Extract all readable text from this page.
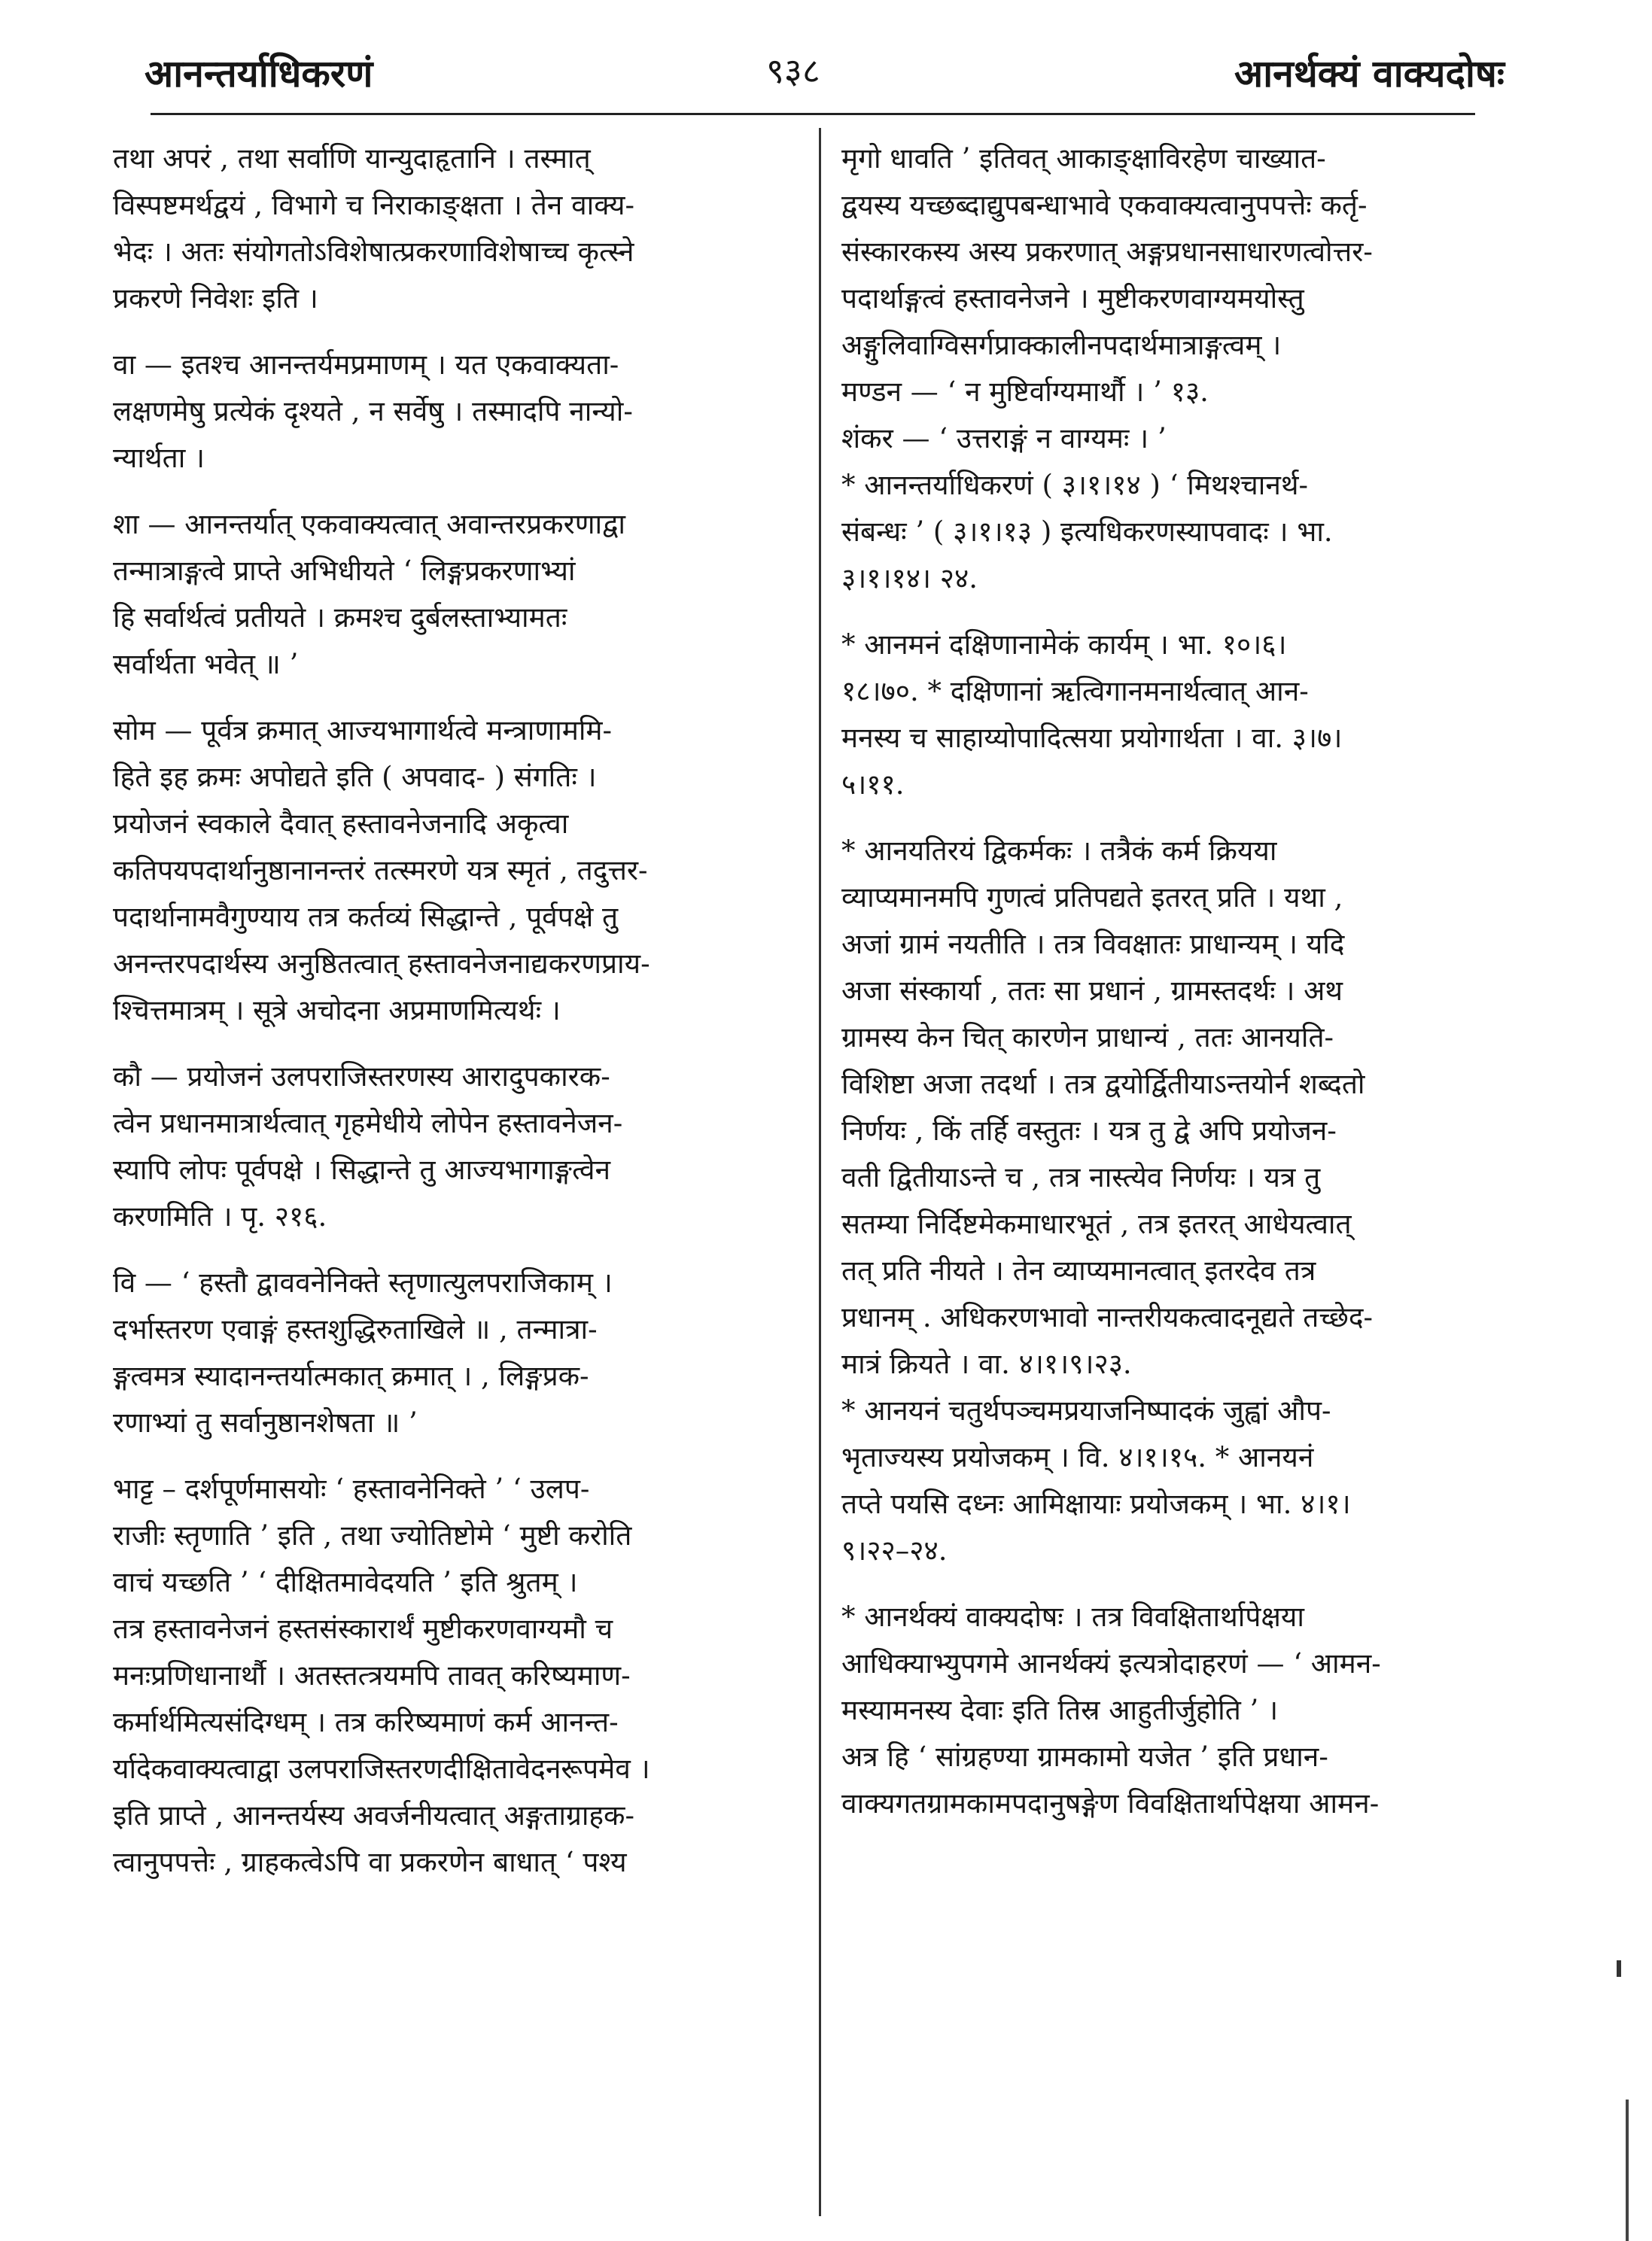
आनन्तर्याधिकरणं	९३८	आनर्थक्यं वाक्यदोषः
तथा अपरं , तथा सर्वाणि यान्युदाहृतानि । तस्मात्
विस्पष्टमर्थद्वयं , विभागे च निराकाङ्क्षता । तेन वाक्य-
भेदः । अतः संयोगतोऽविशेषात्प्रकरणाविशेषाच्च कृत्स्ने
प्रकरणे निवेशः इति ।
वा — इतश्च आनन्तर्यमप्रमाणम् । यत एकवाक्यता-
लक्षणमेषु प्रत्येकं दृश्यते , न सर्वेषु । तस्मादपि नान्यो-
न्यार्थता ।
शा — आनन्तर्यात् एकवाक्यत्वात् अवान्तरप्रकरणाद्वा
तन्मात्राङ्गत्वे प्राप्ते अभिधीयते ‘ लिङ्गप्रकरणाभ्यां
हि सर्वार्थत्वं प्रतीयते । क्रमश्च दुर्बलस्ताभ्यामतः
सर्वार्थता भवेत् ॥ ’
सोम — पूर्वत्र क्रमात् आज्यभागार्थत्वे मन्त्राणाममि-
हिते इह क्रमः अपोद्यते इति ( अपवाद- ) संगतिः ।
प्रयोजनं स्वकाले दैवात् हस्तावनेजनादि अकृत्वा
कतिपयपदार्थानुष्ठानानन्तरं तत्स्मरणे यत्र स्मृतं , तदुत्तर-
पदार्थानामवैगुण्याय तत्र कर्तव्यं सिद्धान्ते , पूर्वपक्षे तु
अनन्तरपदार्थस्य अनुष्ठितत्वात् हस्तावनेजनाद्यकरणप्राय-
श्चित्तमात्रम् । सूत्रे अचोदना अप्रमाणमित्यर्थः ।
कौ — प्रयोजनं उलपराजिस्तरणस्य आरादुपकारक-
त्वेन प्रधानमात्रार्थत्वात् गृहमेधीये लोपेन हस्तावनेजन-
स्यापि लोपः पूर्वपक्षे । सिद्धान्ते तु आज्यभागाङ्गत्वेन
करणमिति । पृ. २१६.
वि — ‘ हस्तौ द्वाववनेनिक्ते स्तृणात्युलपराजिकाम् ।
दर्भास्तरण एवाङ्गं हस्तशुद्धिरुताखिले ॥ , तन्मात्रा-
ङ्गत्वमत्र स्यादानन्तर्यात्मकात् क्रमात् । , लिङ्गप्रक-
रणाभ्यां तु सर्वानुष्ठानशेषता ॥ ’
भाट्ट – दर्शपूर्णमासयोः ‘ हस्तावनेनिक्ते ’ ‘ उलप-
राजीः स्तृणाति ’ इति , तथा ज्योतिष्टोमे ‘ मुष्टी करोति
वाचं यच्छति ’ ‘ दीक्षितमावेदयति ’ इति श्रुतम् ।
तत्र हस्तावनेजनं हस्तसंस्कारार्थं मुष्टीकरणवाग्यमौ च
मनःप्रणिधानार्थौ । अतस्तत्त्रयमपि तावत् करिष्यमाण-
कर्मार्थमित्यसंदिग्धम् । तत्र करिष्यमाणं कर्म आनन्त-
र्यादेकवाक्यत्वाद्वा उलपराजिस्तरणदीक्षितावेदनरूपमेव ।
इति प्राप्ते , आनन्तर्यस्य अवर्जनीयत्वात् अङ्गताग्राहक-
त्वानुपपत्तेः , ग्राहकत्वेऽपि वा प्रकरणेन बाधात् ‘ पश्य
मृगो धावति ’ इतिवत् आकाङ्क्षाविरहेण चाख्यात-
द्वयस्य यच्छब्दाद्युपबन्धाभावे एकवाक्यत्वानुपपत्तेः कर्तृ-
संस्कारकस्य अस्य प्रकरणात् अङ्गप्रधानसाधारणत्वोत्तर-
पदार्थाङ्गत्वं हस्तावनेजने । मुष्टीकरणवाग्यमयोस्तु
अङ्गुलिवाग्विसर्गप्राक्कालीनपदार्थमात्राङ्गत्वम् ।
मण्डन — ‘ न मुष्टिर्वाग्यमार्थौ । ’ १३.
शंकर — ‘ उत्तराङ्गं न वाग्यमः । ’
* आनन्तर्याधिकरणं ( ३।१।१४ ) ‘ मिथश्चानर्थ-
संबन्धः ’ ( ३।१।१३ ) इत्यधिकरणस्यापवादः । भा.
३।१।१४। २४.
* आनमनं दक्षिणानामेकं कार्यम् । भा. १०।६।
१८।७०. * दक्षिणानां ऋत्विगानमनार्थत्वात् आन-
मनस्य च साहाय्योपादित्सया प्रयोगार्थता । वा. ३।७।
५।११.
* आनयतिरयं द्विकर्मकः । तत्रैकं कर्म क्रियया
व्याप्यमानमपि गुणत्वं प्रतिपद्यते इतरत् प्रति । यथा ,
अजां ग्रामं नयतीति । तत्र विवक्षातः प्राधान्यम् । यदि
अजा संस्कार्या , ततः सा प्रधानं , ग्रामस्तदर्थः । अथ
ग्रामस्य केन चित् कारणेन प्राधान्यं , ततः आनयति-
विशिष्टा अजा तदर्था । तत्र द्वयोर्द्वितीयाऽन्तयोर्न शब्दतो
निर्णयः , किं तर्हि वस्तुतः । यत्र तु द्वे अपि प्रयोजन-
वती द्वितीयाऽन्ते च , तत्र नास्त्येव निर्णयः । यत्र तु
सतम्या निर्दिष्टमेकमाधारभूतं , तत्र इतरत् आधेयत्वात्
तत् प्रति नीयते । तेन व्याप्यमानत्वात् इतरदेव तत्र
प्रधानम् . अधिकरणभावो नान्तरीयकत्वादनूद्यते तच्छेद-
मात्रं क्रियते । वा. ४।१।९।२३.
* आनयनं चतुर्थपञ्चमप्रयाजनिष्पादकं जुह्वां औप-
भृताज्यस्य प्रयोजकम् । वि. ४।१।१५. * आनयनं
तप्ते पयसि दध्नः आमिक्षायाः प्रयोजकम् । भा. ४।१।
९।२२–२४.
* आनर्थक्यं वाक्यदोषः । तत्र विवक्षितार्थापेक्षया
आधिक्याभ्युपगमे आनर्थक्यं इत्यत्रोदाहरणं — ‘ आमन-
मस्यामनस्य देवाः इति तिस्र आहुतीर्जुहोति ’ ।
अत्र हि ‘ सांग्रहण्या ग्रामकामो यजेत ’ इति प्रधान-
वाक्यगतग्रामकामपदानुषङ्गेण विवक्षितार्थापेक्षया आमन-
